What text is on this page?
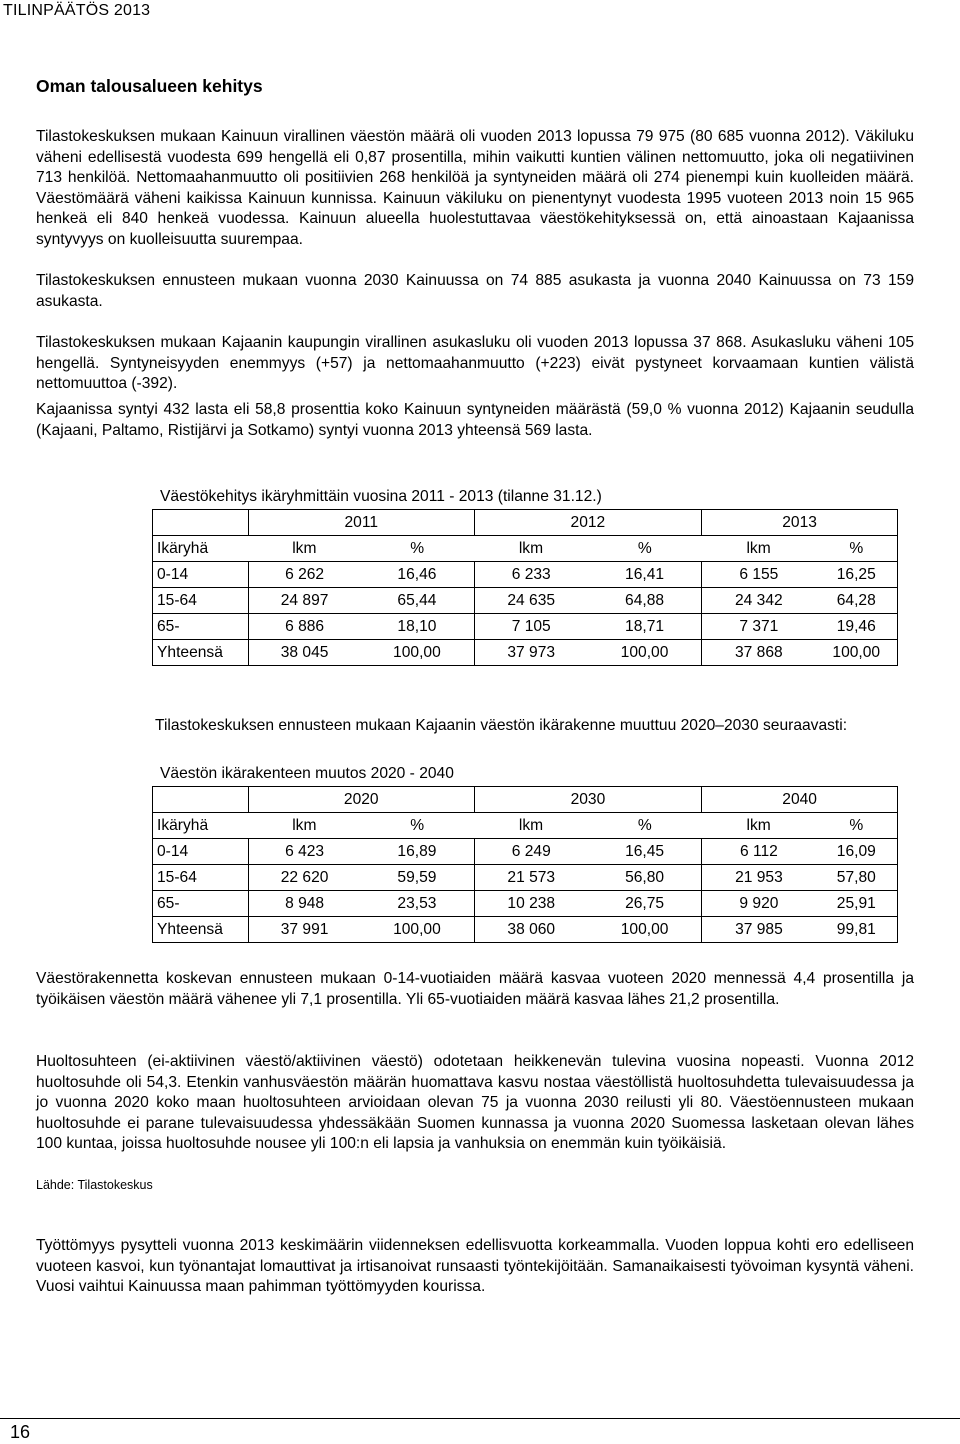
TILINPÄÄTÖS 2013
Oman talousalueen kehitys

Tilastokeskuksen mukaan Kainuun virallinen väestön määrä oli vuoden 2013 lopussa 79 975 (80 685 vuonna 2012). Väkiluku väheni edellisestä vuodesta 699 hengellä eli 0,87 prosentilla, mihin vaikutti kuntien välinen nettomuutto, joka oli negatiivinen 713 henkilöä. Nettomaahanmuutto oli positiivien 268 henkilöä ja syntyneiden määrä oli 274 pienempi kuin kuolleiden määrä. Väestömäärä väheni kaikissa Kainuun kunnissa. Kainuun väkiluku on pienentynyt vuodesta 1995 vuoteen 2013 noin 15 965 henkeä eli 840 henkeä vuodessa. Kainuun alueella huolestuttavaa väestökehityksessä on, että ainoastaan Kajaanissa syntyvyys on kuolleisuutta suurempaa.

Tilastokeskuksen ennusteen mukaan vuonna 2030 Kainuussa on 74 885 asukasta ja vuonna 2040 Kainuussa on 73 159 asukasta.

Tilastokeskuksen mukaan Kajaanin kaupungin virallinen asukasluku oli vuoden 2013 lopussa 37 868. Asukasluku väheni 105 hengellä. Syntyneisyyden enemmyys (+57) ja nettomaahanmuutto (+223) eivät pystyneet korvaamaan kuntien välistä nettomuuttoa (-392).

Kajaanissa syntyi 432 lasta eli 58,8 prosenttia koko Kainuun syntyneiden määrästä (59,0 % vuonna 2012) Kajaanin seudulla (Kajaani, Paltamo, Ristijärvi ja Sotkamo) syntyi vuonna 2013 yhteensä 569 lasta.

Väestökehitys ikäryhmittäin vuosina 2011 - 2013 (tilanne 31.12.)
	2011		2012		2013	
Ikäryhä	lkm	%	lkm	%	lkm	%
0-14	6 262	16,46	6 233	16,41	6 155	16,25
15-64	24 897	65,44	24 635	64,88	24 342	64,28
65-	6 886	18,10	7 105	18,71	7 371	19,46
Yhteensä	38 045	100,00	37 973	100,00	37 868	100,00
Tilastokeskuksen ennusteen mukaan Kajaanin väestön ikärakenne muuttuu 2020–2030 seuraavasti:
Väestön ikärakenteen muutos 2020 - 2040
	2020		2030		2040	
Ikäryhä	lkm	%	lkm	%	lkm	%
0-14	6 423	16,89	6 249	16,45	6 112	16,09
15-64	22 620	59,59	21 573	56,80	21 953	57,80
65-	8 948	23,53	10 238	26,75	9 920	25,91
Yhteensä	37 991	100,00	38 060	100,00	37 985	99,81

Väestörakennetta koskevan ennusteen mukaan 0-14-vuotiaiden määrä kasvaa vuoteen 2020 mennessä 4,4 prosentilla ja työikäisen väestön määrä vähenee yli 7,1 prosentilla. Yli 65-vuotiaiden määrä kasvaa lähes 21,2 prosentilla.

Huoltosuhteen (ei-aktiivinen väestö/aktiivinen väestö) odotetaan heikkenevän tulevina vuosina nopeasti. Vuonna 2012 huoltosuhde oli 54,3. Etenkin vanhusväestön määrän huomattava kasvu nostaa väestöllistä huoltosuhdetta tulevaisuudessa ja jo vuonna 2020 koko maan huoltosuhteen arvioidaan olevan 75 ja vuonna 2030 reilusti yli 80. Väestöennusteen mukaan huoltosuhde ei parane tulevaisuudessa yhdessäkään Suomen kunnassa ja vuonna 2020 Suomessa lasketaan olevan lähes 100 kuntaa, joissa huoltosuhde nousee yli 100:n eli lapsia ja vanhuksia on enemmän kuin työikäisiä.

Lähde: Tilastokeskus

Työttömyys pysytteli vuonna 2013 keskimäärin viidenneksen edellisvuotta korkeammalla. Vuoden loppua kohti ero edelliseen vuoteen kasvoi, kun työnantajat lomauttivat ja irtisanoivat runsaasti työntekijöitään. Samanaikaisesti työvoiman kysyntä väheni. Vuosi vaihtui Kainuussa maan pahimman työttömyyden kourissa.

16
